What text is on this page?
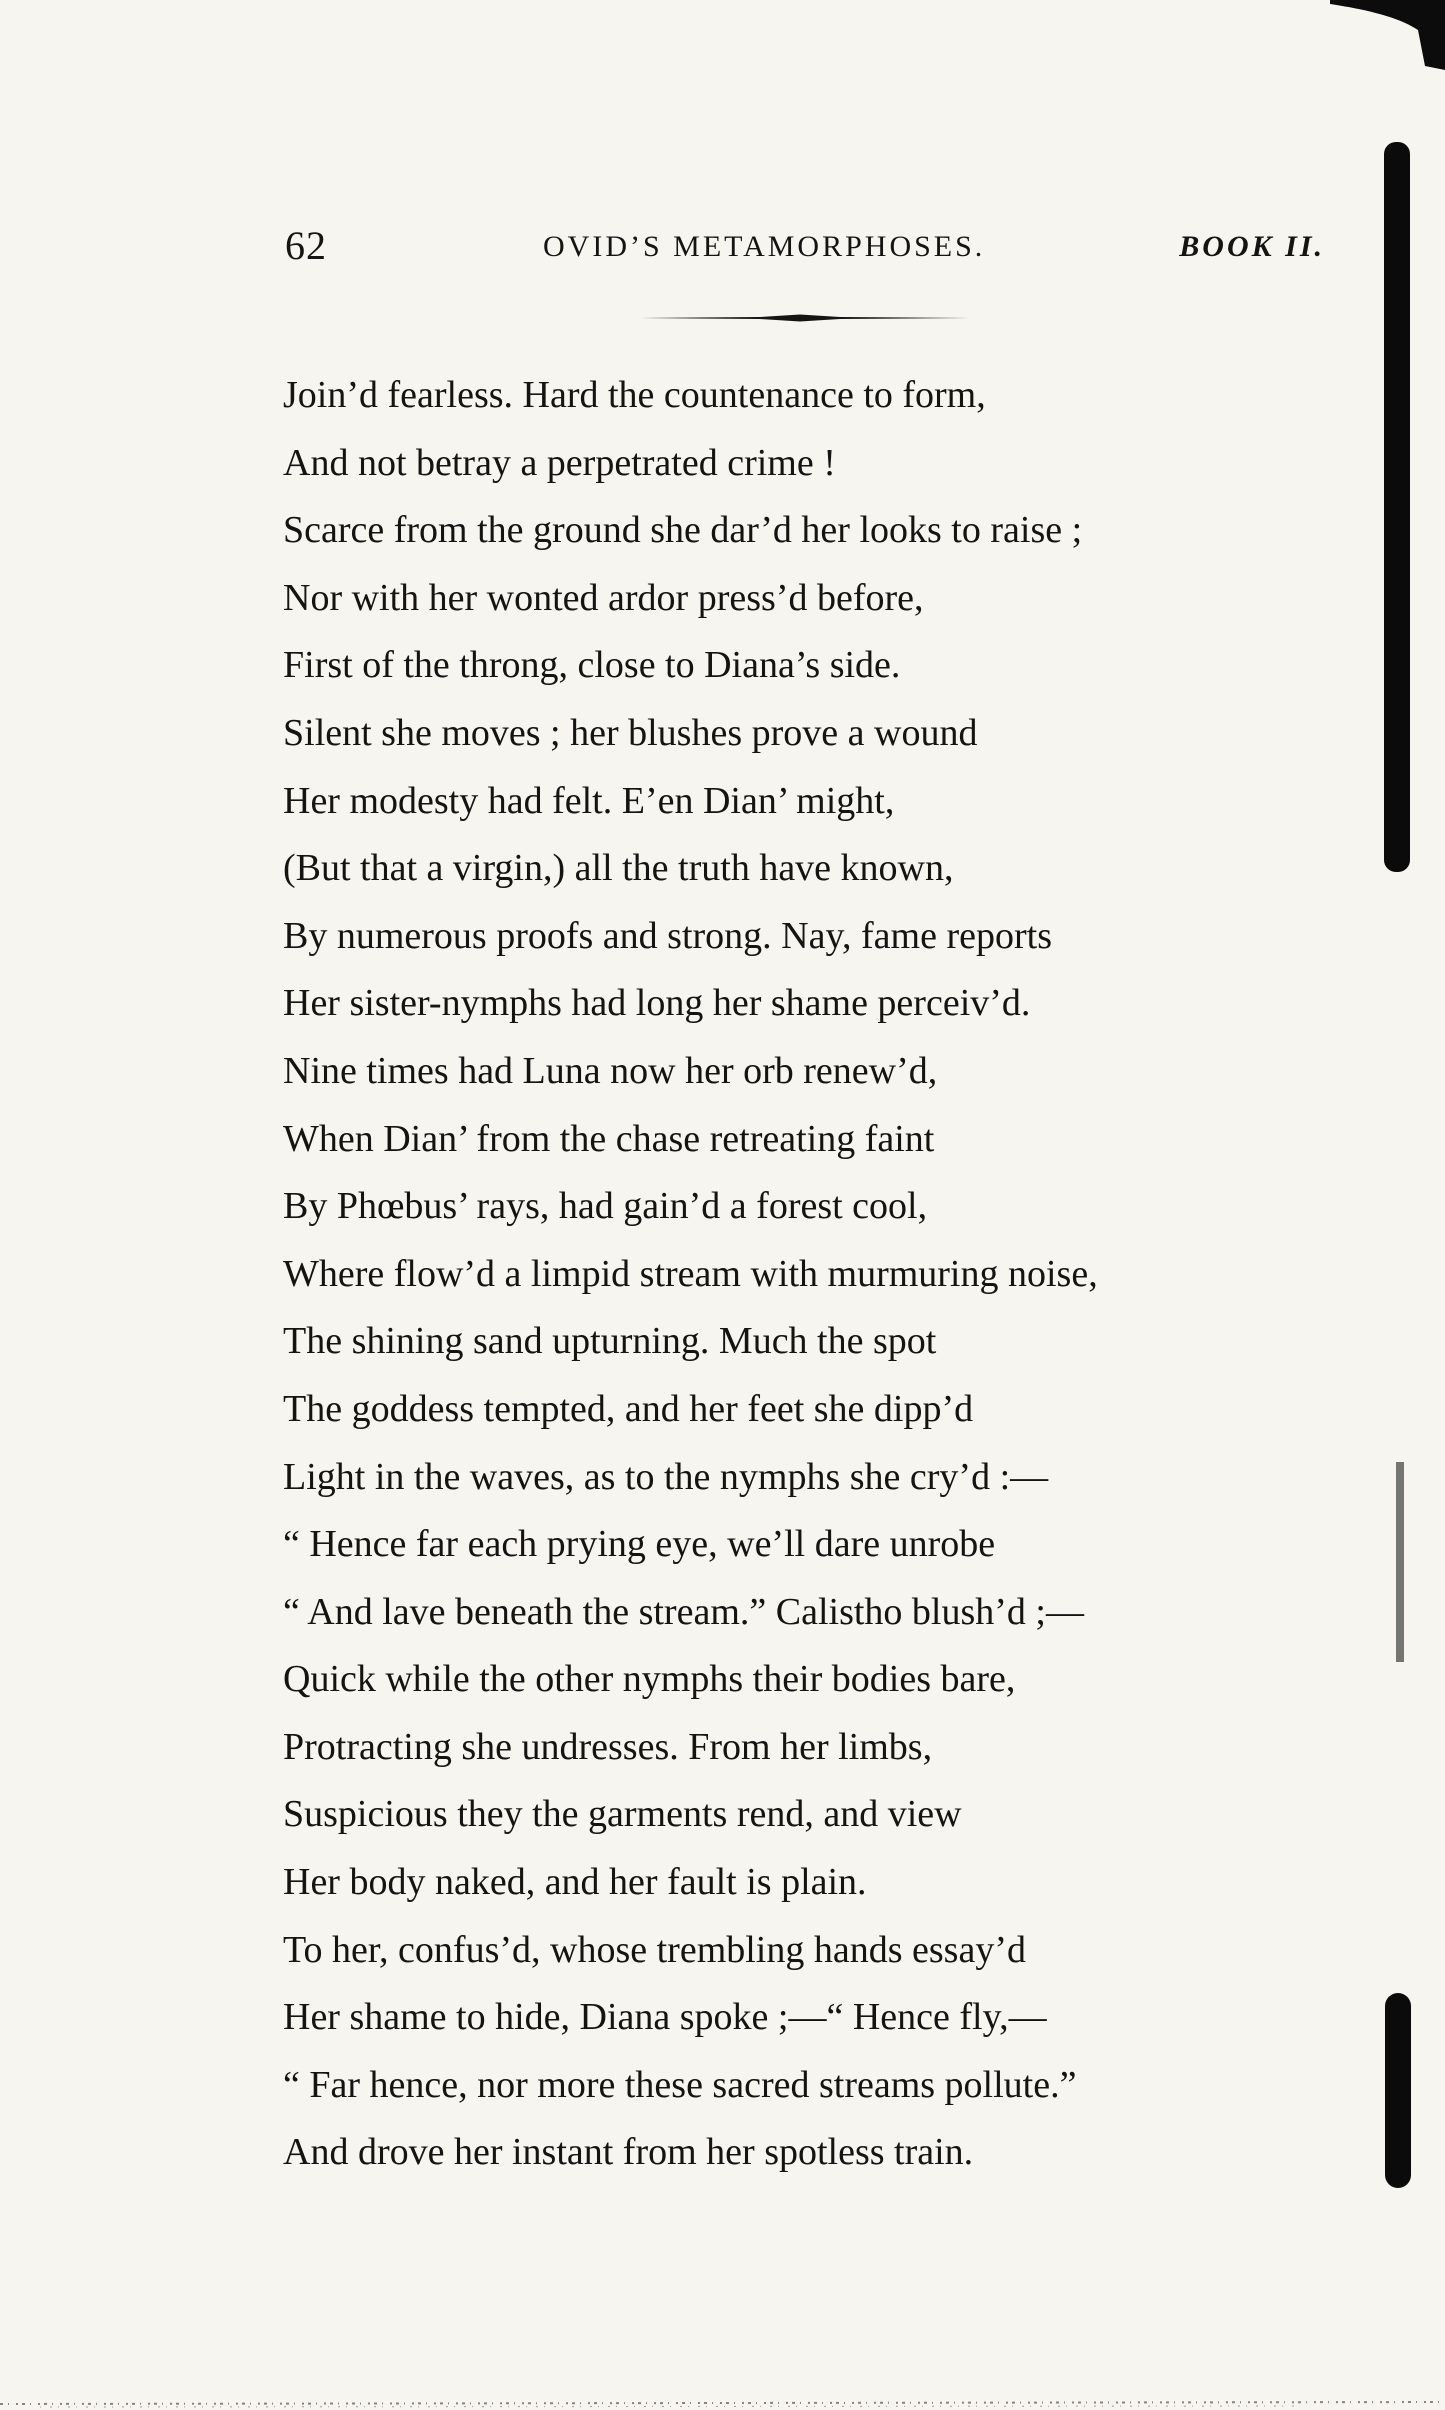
62	OVID’S METAMORPHOSES.	BOOK II.
Join’d fearless. Hard the countenance to form,
And not betray a perpetrated crime !
Scarce from the ground she dar’d her looks to raise ;
Nor with her wonted ardor press’d before,
First of the throng, close to Diana’s side.
Silent she moves ; her blushes prove a wound
Her modesty had felt. E’en Dian’ might,
(But that a virgin,) all the truth have known,
By numerous proofs and strong. Nay, fame reports
Her sister-nymphs had long her shame perceiv’d.
Nine times had Luna now her orb renew’d,
When Dian’ from the chase retreating faint
By Phœbus’ rays, had gain’d a forest cool,
Where flow’d a limpid stream with murmuring noise,
The shining sand upturning. Much the spot
The goddess tempted, and her feet she dipp’d
Light in the waves, as to the nymphs she cry’d :—
“ Hence far each prying eye, we’ll dare unrobe
“ And lave beneath the stream.” Calistho blush’d ;—
Quick while the other nymphs their bodies bare,
Protracting she undresses. From her limbs,
Suspicious they the garments rend, and view
Her body naked, and her fault is plain.
To her, confus’d, whose trembling hands essay’d
Her shame to hide, Diana spoke ;—“ Hence fly,—
“ Far hence, nor more these sacred streams pollute.”
And drove her instant from her spotless train.
